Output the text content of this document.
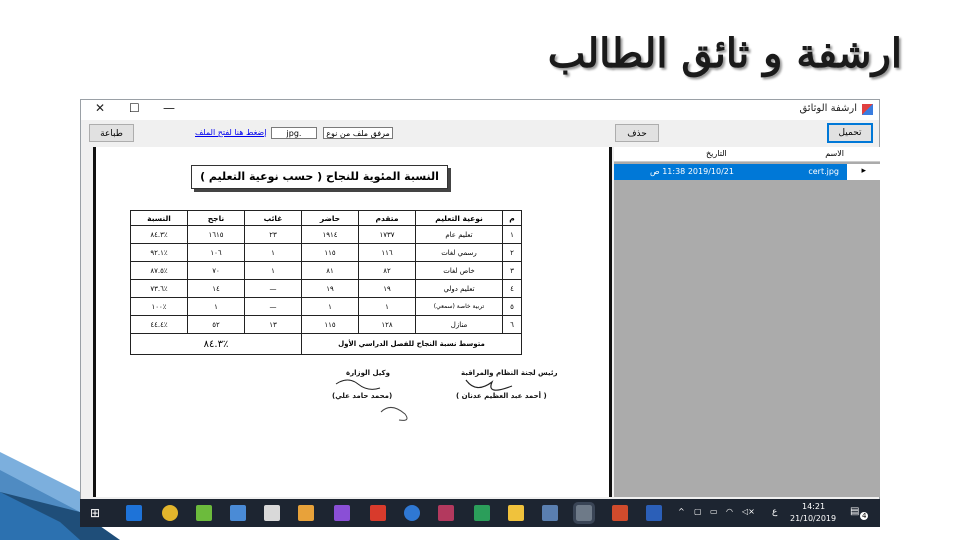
ارشفة و ثائق الطالب
✕ ☐ —	ارشفة الوثائق
طباعة	إضغط هنا لفتح الملف	jpg.	مرفق ملف من نوع	حذف	تحميل
النسبة المئوية للنجاح ( حسب نوعية التعليم )
م	نوعية التعليم	متقدم	حاضر	غائب	ناجح	النسبة
١	تعليم عام	١٧٣٧	١٩١٤	٢٣	١٦١٥	٪٨٤.٣
٢	رسمي لغات	١١٦	١١٥	١	١٠٦	٪٩٢.١
٣	خاص لغات	٨٢	٨١	١	٧٠	٪٨٧.٥
٤	تعليم دولي	١٩	١٩	—	١٤	٪٧٣.٦
٥	تربية خاصة (سمعي)	١	١	—	١	٪١٠٠
٦	منازل	١٢٨	١١٥	١٣	٥٢	٪٤٤.٤
متوسط نسبة النجاح للفصل الدراسي الأول				٪٨٤.٣		
وكيل الوزارة
(محمد حامد علي)
رئيس لجنة النظام والمراقبة
( أحمد عبد العظيم عدنان )
الاسم
التاريخ
cert.jpg
2019/10/21 11:38 ص	▸
⊞	^ ▢ ▭ ◠ ◁× ع
14:21
21/10/2019
▤ 4
